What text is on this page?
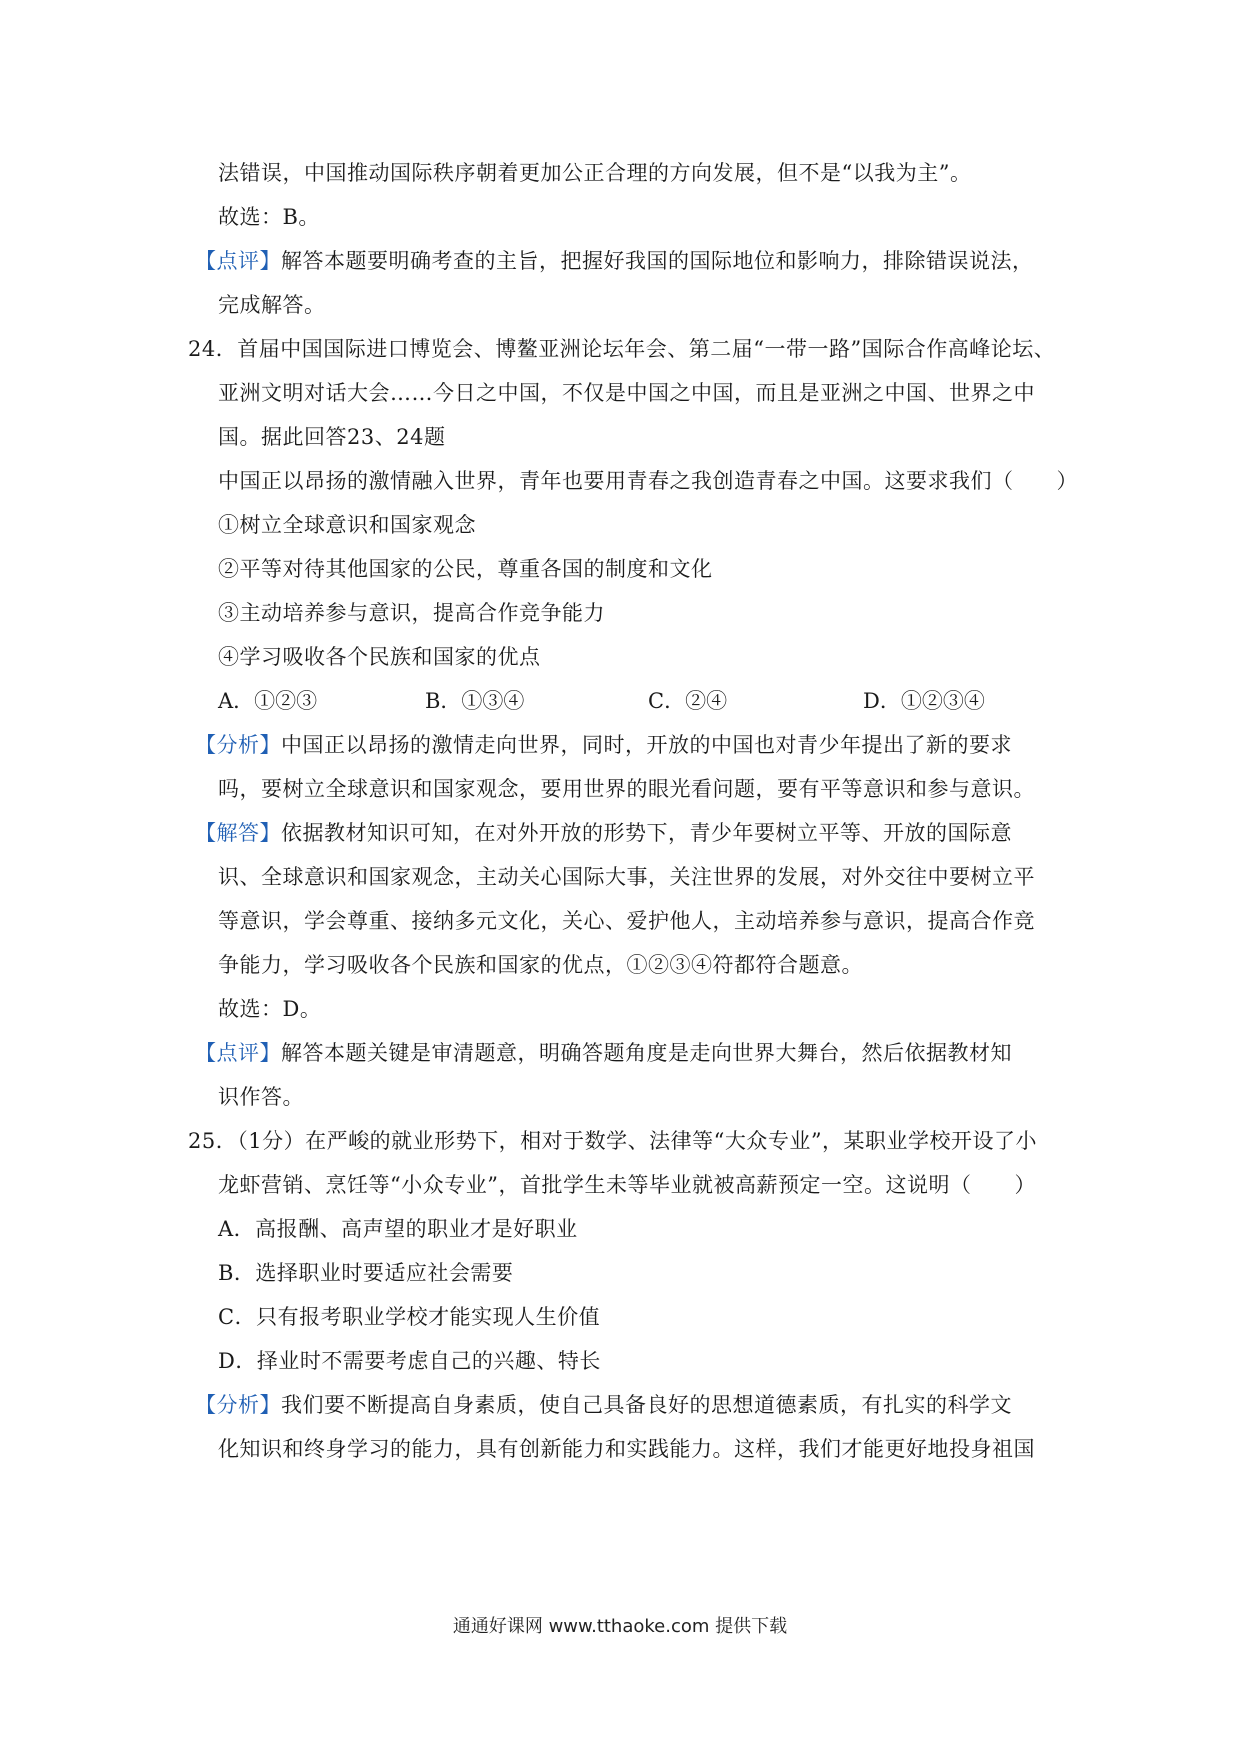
法错误，中国推动国际秩序朝着更加公正合理的方向发展，但不是“以我为主”。
故选：B。
【点评】解答本题要明确考查的主旨，把握好我国的国际地位和影响力，排除错误说法，
完成解答。
24．首届中国国际进口博览会、博鳌亚洲论坛年会、第二届“一带一路”国际合作高峰论坛、
亚洲文明对话大会……今日之中国，不仅是中国之中国，而且是亚洲之中国、世界之中
国。据此回答23、24题
中国正以昂扬的激情融入世界，青年也要用青春之我创造青春之中国。这要求我们（　　）
①树立全球意识和国家观念
②平等对待其他国家的公民，尊重各国的制度和文化
③主动培养参与意识，提高合作竞争能力
④学习吸收各个民族和国家的优点
A．①②③	B．①③④	C．②④	D．①②③④
【分析】中国正以昂扬的激情走向世界，同时，开放的中国也对青少年提出了新的要求
吗，要树立全球意识和国家观念，要用世界的眼光看问题，要有平等意识和参与意识。
【解答】依据教材知识可知，在对外开放的形势下，青少年要树立平等、开放的国际意
识、全球意识和国家观念，主动关心国际大事，关注世界的发展，对外交往中要树立平
等意识，学会尊重、接纳多元文化，关心、爱护他人，主动培养参与意识，提高合作竞
争能力，学习吸收各个民族和国家的优点，①②③④符都符合题意。
故选：D。
【点评】解答本题关键是审清题意，明确答题角度是走向世界大舞台，然后依据教材知
识作答。
25．（1分）在严峻的就业形势下，相对于数学、法律等“大众专业”，某职业学校开设了小
龙虾营销、烹饪等“小众专业”，首批学生未等毕业就被高薪预定一空。这说明（　　）
A．高报酬、高声望的职业才是好职业
B．选择职业时要适应社会需要
C．只有报考职业学校才能实现人生价值
D．择业时不需要考虑自己的兴趣、特长
【分析】我们要不断提高自身素质，使自己具备良好的思想道德素质，有扎实的科学文
化知识和终身学习的能力，具有创新能力和实践能力。这样，我们才能更好地投身祖国
通通好课网 www.tthaoke.com 提供下载
